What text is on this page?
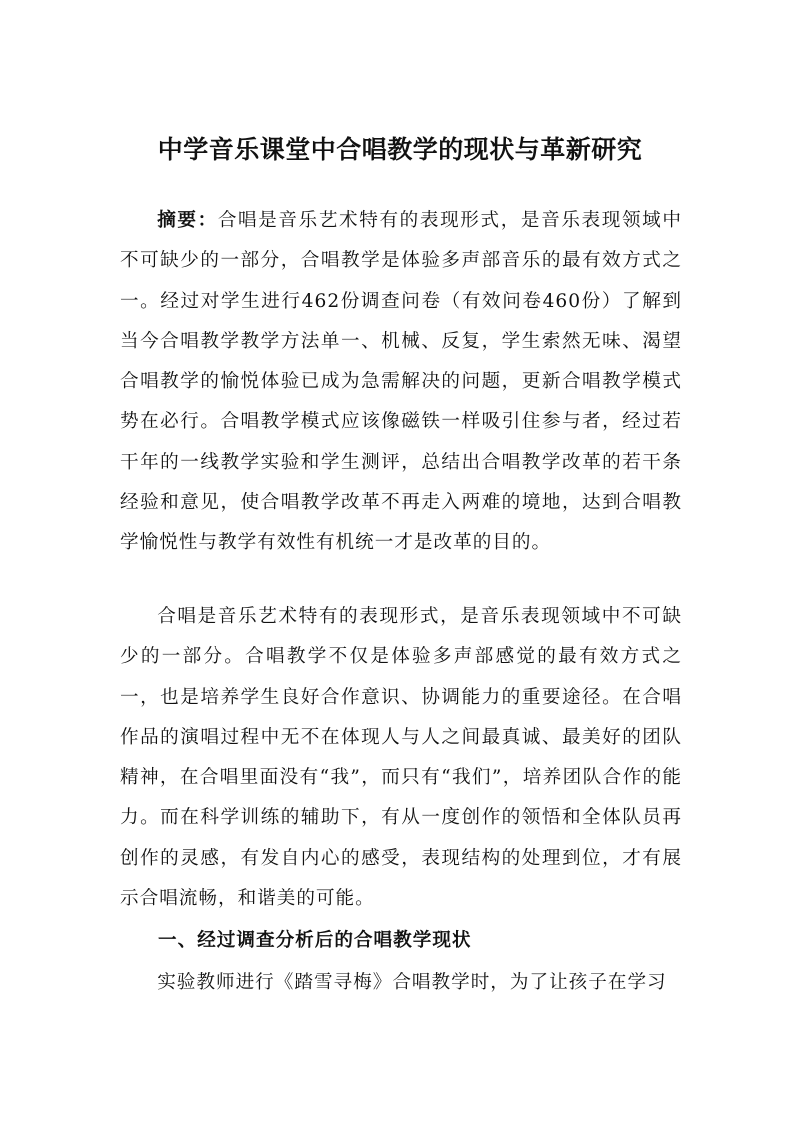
中学音乐课堂中合唱教学的现状与革新研究

摘要：合唱是音乐艺术特有的表现形式，是音乐表现领域中不可缺少的一部分，合唱教学是体验多声部音乐的最有效方式之一。经过对学生进行462份调查问卷（有效问卷460份）了解到当今合唱教学教学方法单一、机械、反复，学生索然无味、渴望合唱教学的愉悦体验已成为急需解决的问题，更新合唱教学模式势在必行。合唱教学模式应该像磁铁一样吸引住参与者，经过若干年的一线教学实验和学生测评，总结出合唱教学改革的若干条经验和意见，使合唱教学改革不再走入两难的境地，达到合唱教学愉悦性与教学有效性有机统一才是改革的目的。

合唱是音乐艺术特有的表现形式，是音乐表现领域中不可缺少的一部分。合唱教学不仅是体验多声部感觉的最有效方式之一，也是培养学生良好合作意识、协调能力的重要途径。在合唱作品的演唱过程中无不在体现人与人之间最真诚、最美好的团队精神，在合唱里面没有“我”，而只有“我们”，培养团队合作的能力。而在科学训练的辅助下，有从一度创作的领悟和全体队员再创作的灵感，有发自内心的感受，表现结构的处理到位，才有展示合唱流畅，和谐美的可能。

一、经过调查分析后的合唱教学现状

实验教师进行《踏雪寻梅》合唱教学时，为了让孩子在学习
